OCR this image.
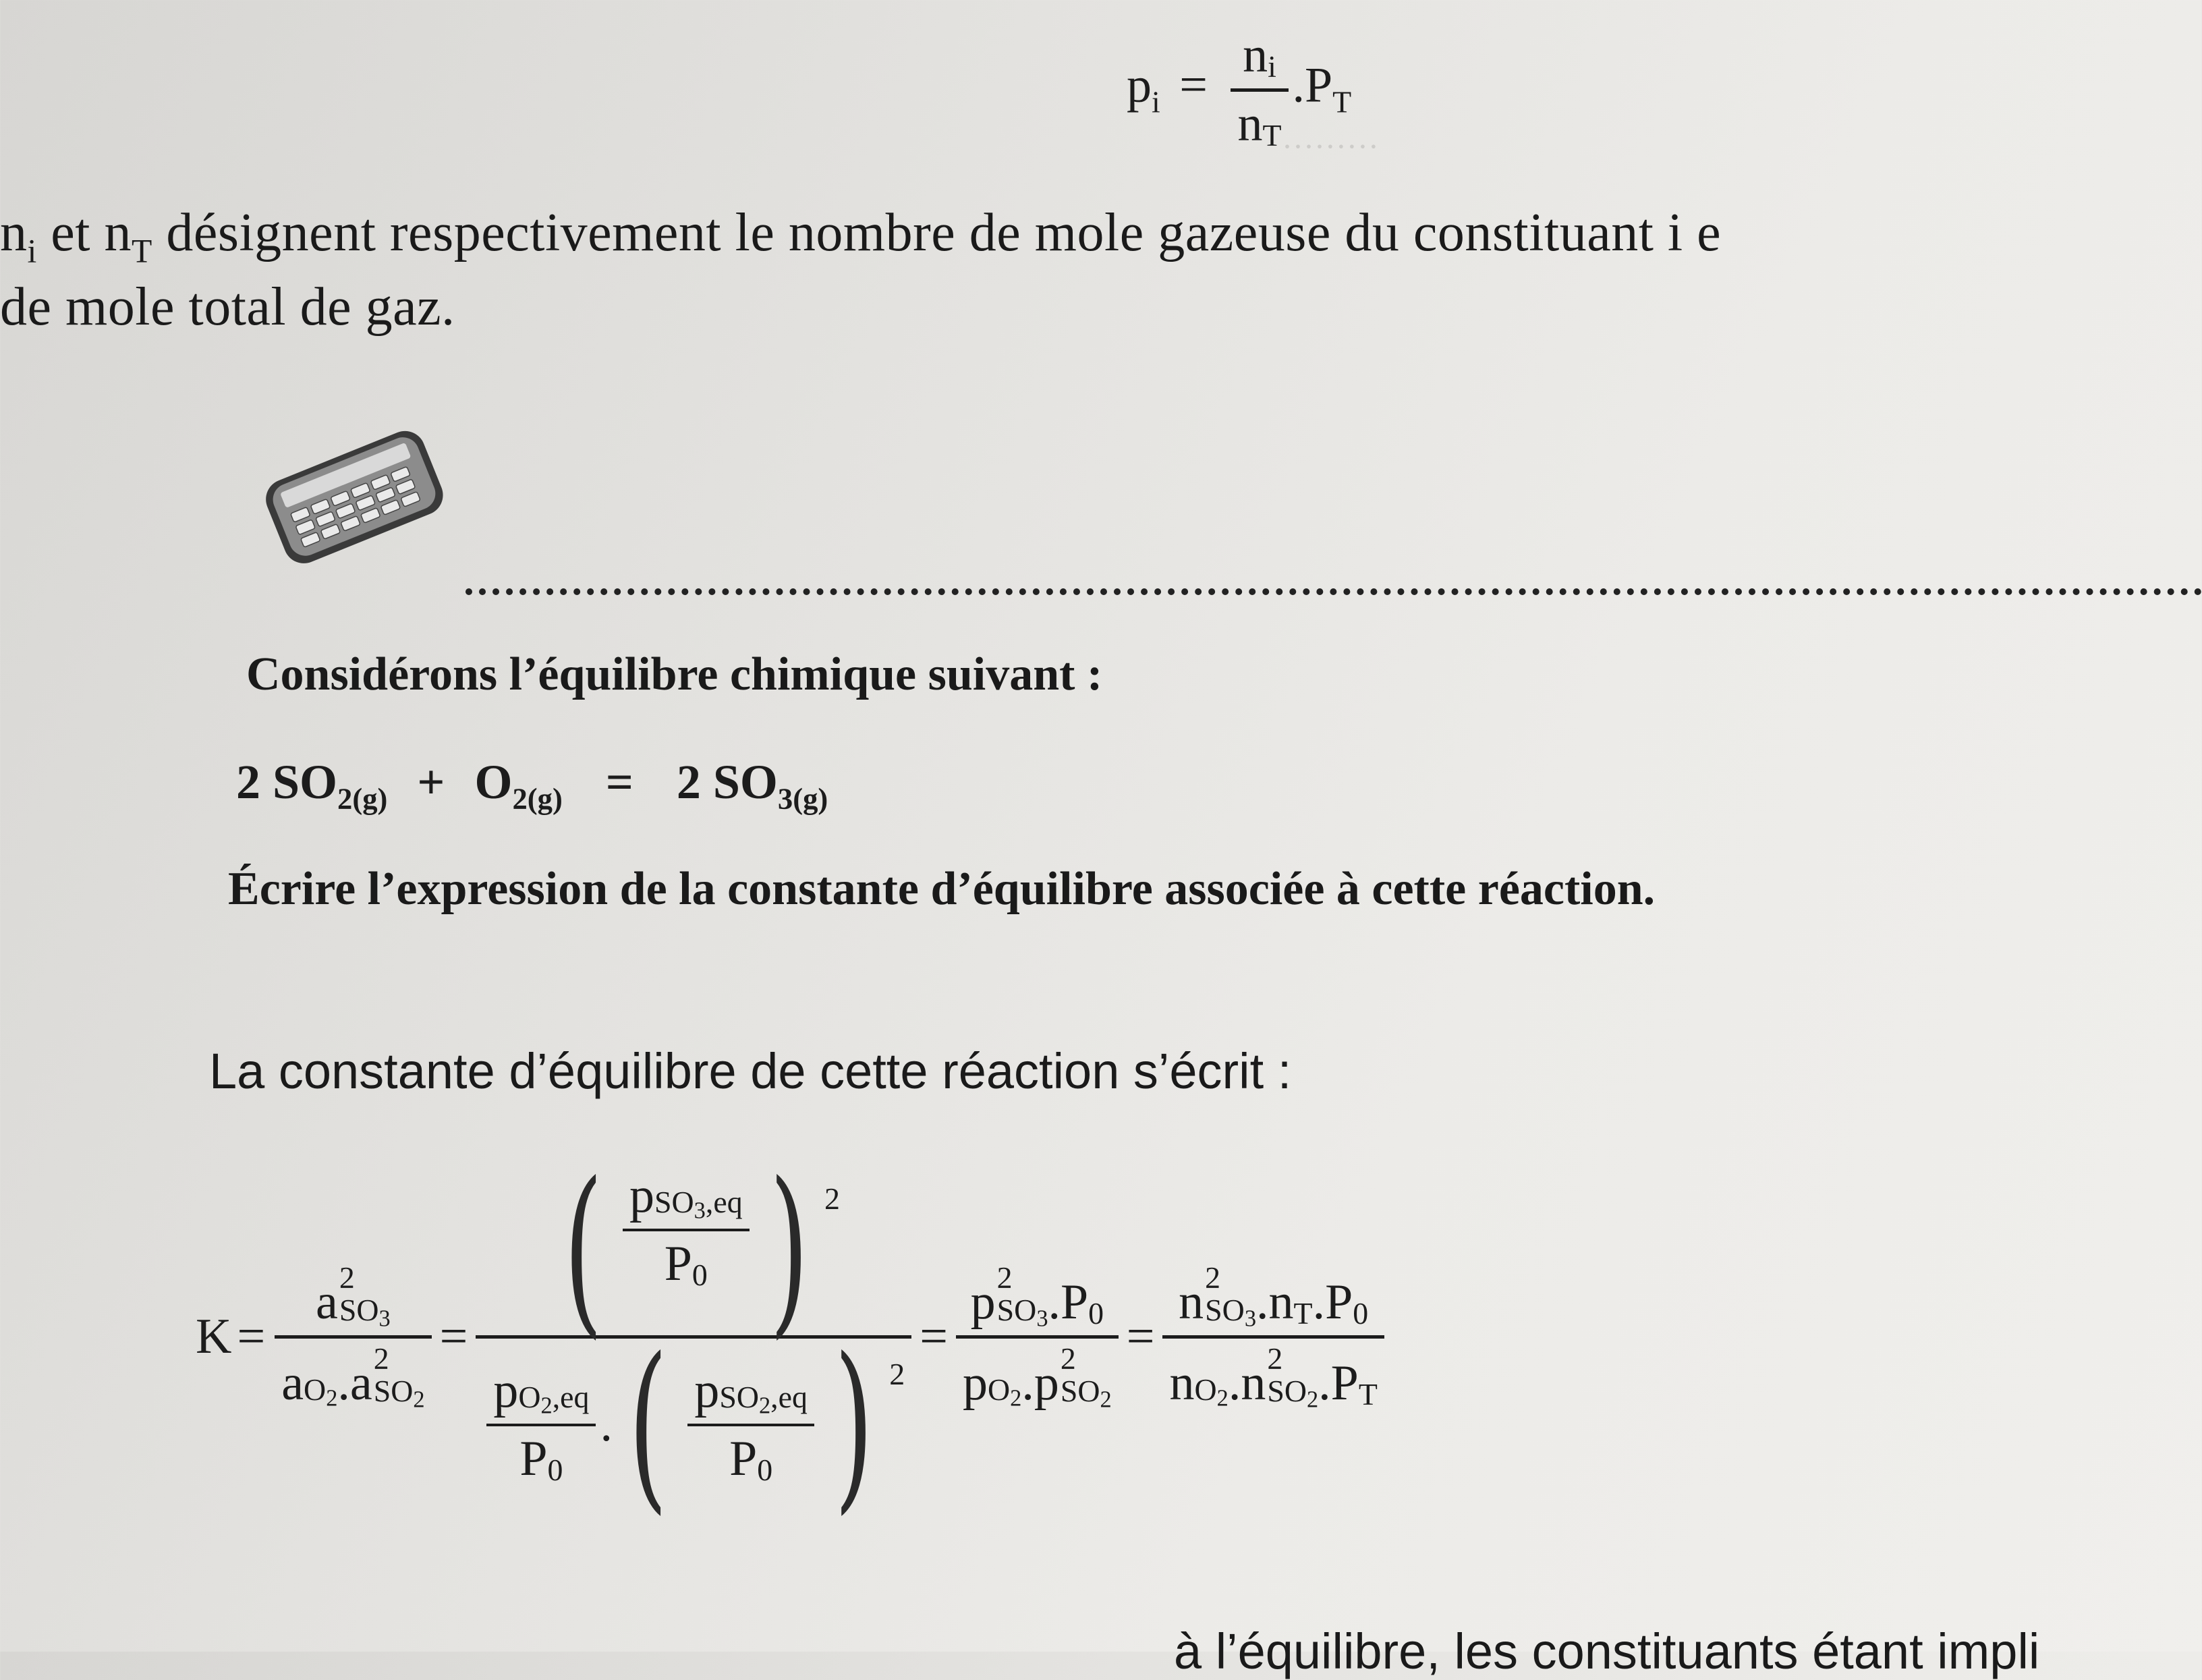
·········
$p_i$ =
n i
n T
$.P_T$
$n_i$ et $n_T$ désignent respectivement le nombre de mole gazeuse du constituant i e
de mole total de gaz.
Considérons l’équilibre chimique suivant :
2 $SO_{2(g)} + O_{2(g)} = 2$ $SO_{3(g)}$
Écrire l’expression de la constante d’équilibre associée à cette réaction.
La constante d’équilibre de cette réaction s’écrit :
K =
a 2
SO3
a O2 . a 2
SO2
= ( $\frac{\text{p SO3,eq}}{P 0}$ ) 2
$\frac{\text{p O2,eq}}{P 0}$ . ( $\frac{\text{p SO2,eq}}{P 0}$ ) 2
=
p 2
SO3 . P 0
p O2 . p 2
SO2
=
n 2
SO3 . n T . P 0
n O2 . n 2
SO2 . P T
à l’équilibre, les constituants étant impli
